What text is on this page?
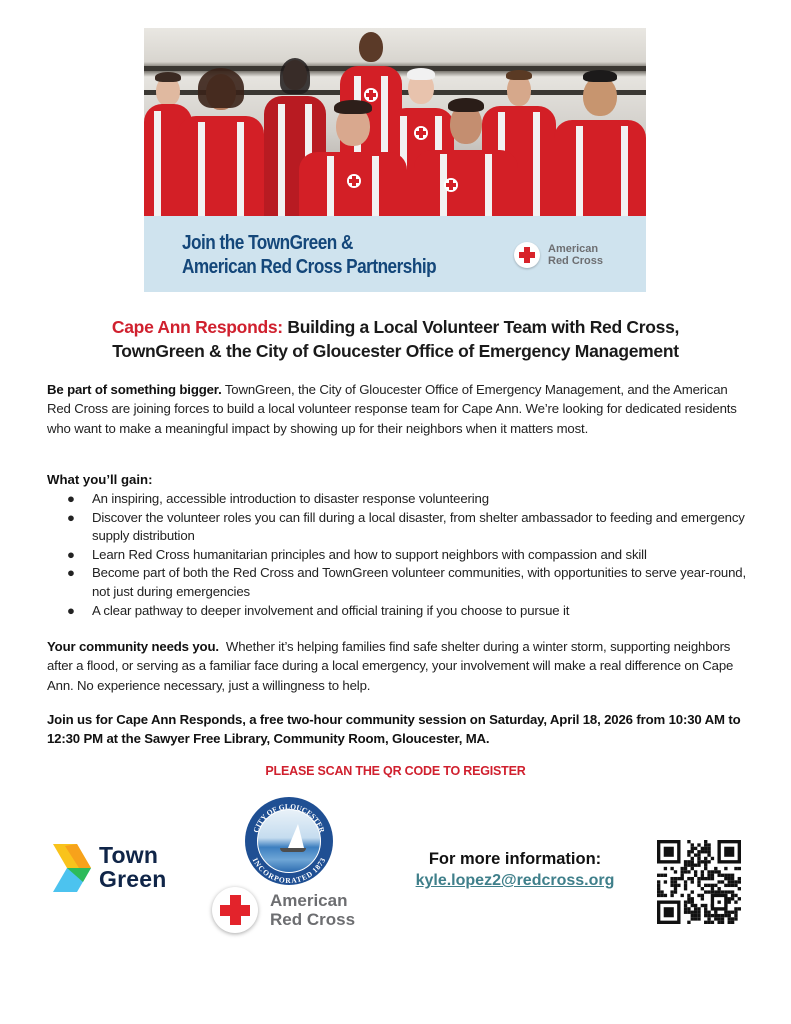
Join the TownGreen &
American Red Cross Partnership
American
Red Cross
Cape Ann Responds: Building a Local Volunteer Team with Red Cross,
TownGreen & the City of Gloucester Office of Emergency Management
Be part of something bigger. TownGreen, the City of Gloucester Office of Emergency Management, and the American Red Cross are joining forces to build a local volunteer response team for Cape Ann. We’re looking for dedicated residents who want to make a meaningful impact by showing up for their neighbors when it matters most.
What you’ll gain:
● An inspiring, accessible introduction to disaster response volunteering
● Discover the volunteer roles you can fill during a local disaster, from shelter ambassador to feeding and emergency supply distribution
● Learn Red Cross humanitarian principles and how to support neighbors with compassion and skill
● Become part of both the Red Cross and TownGreen volunteer communities, with opportunities to serve year-round, not just during emergencies
● A clear pathway to deeper involvement and official training if you choose to pursue it
Your community needs you.  Whether it’s helping families find safe shelter during a winter storm, supporting neighbors after a flood, or serving as a familiar face during a local emergency, your involvement will make a real difference on Cape Ann. No experience necessary, just a willingness to help.
Join us for Cape Ann Responds, a free two-hour community session on Saturday, April 18, 2026 from 10:30 AM to 12:30 PM at the Sawyer Free Library, Community Room, Gloucester, MA.
PLEASE SCAN THE QR CODE TO REGISTER
Town
Green
CITY OF GLOUCESTER
INCORPORATED 1873
American
Red Cross
For more information:
kyle.lopez2@redcross.org
